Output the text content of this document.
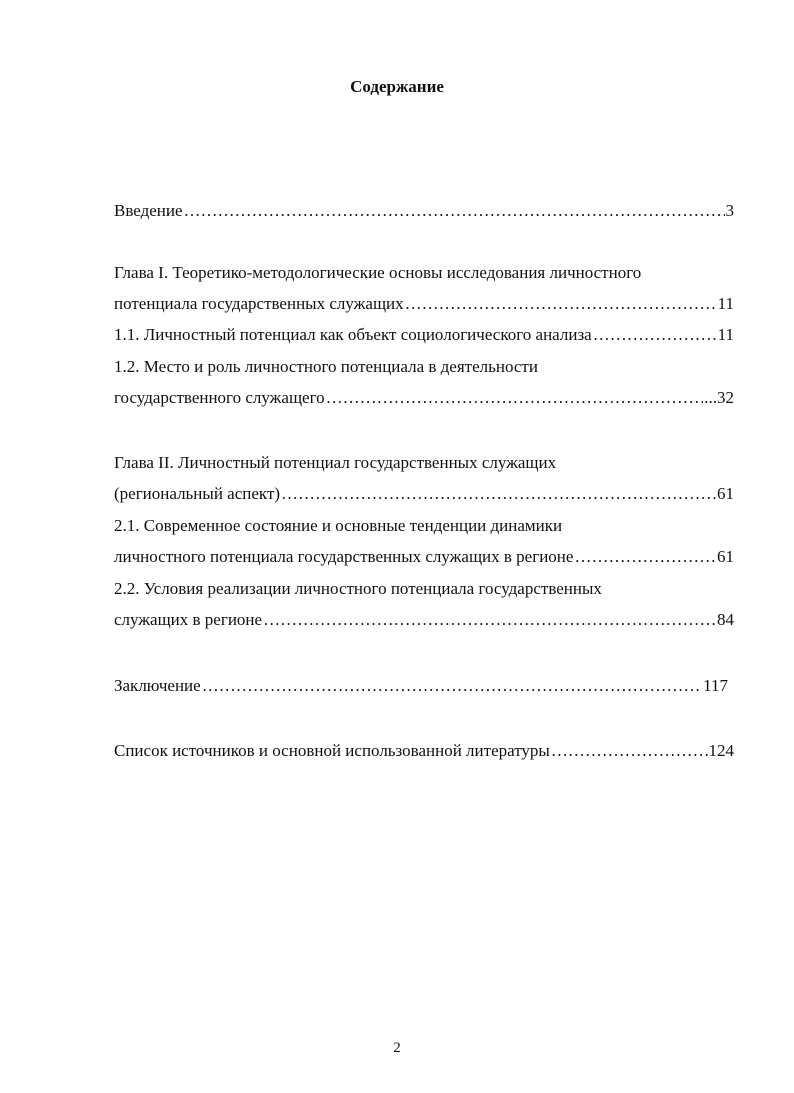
Содержание
Введение …………………………………………………………………………………………………………………………………………………………	3
Глава I. Теоретико-методологические основы исследования личностного
потенциала государственных служащих …………………………………………………………………………………………………………………………………………………………	11
1.1. Личностный потенциал как объект социологического анализа …………………………………………………………………………………………………………………………………………………………	11
1.2. Место и роль личностного потенциала в деятельности
государственного служащего …………………………………………………………………………………………………………………………………………………………	...32
Глава II. Личностный потенциал государственных служащих
(региональный аспект) …………………………………………………………………………………………………………………………………………………………	61
2.1. Современное состояние и основные тенденции динамики
личностного потенциала государственных служащих в регионе …………………………………………………………………………………………………………………………………………………………	61
2.2. Условия реализации личностного потенциала государственных
служащих в регионе …………………………………………………………………………………………………………………………………………………………	84
Заключение …………………………………………………………………………………………………………………………………………………………	117
Список источников и основной использованной литературы …………………………………………………………………………………………………………………………………………………………	124
2
